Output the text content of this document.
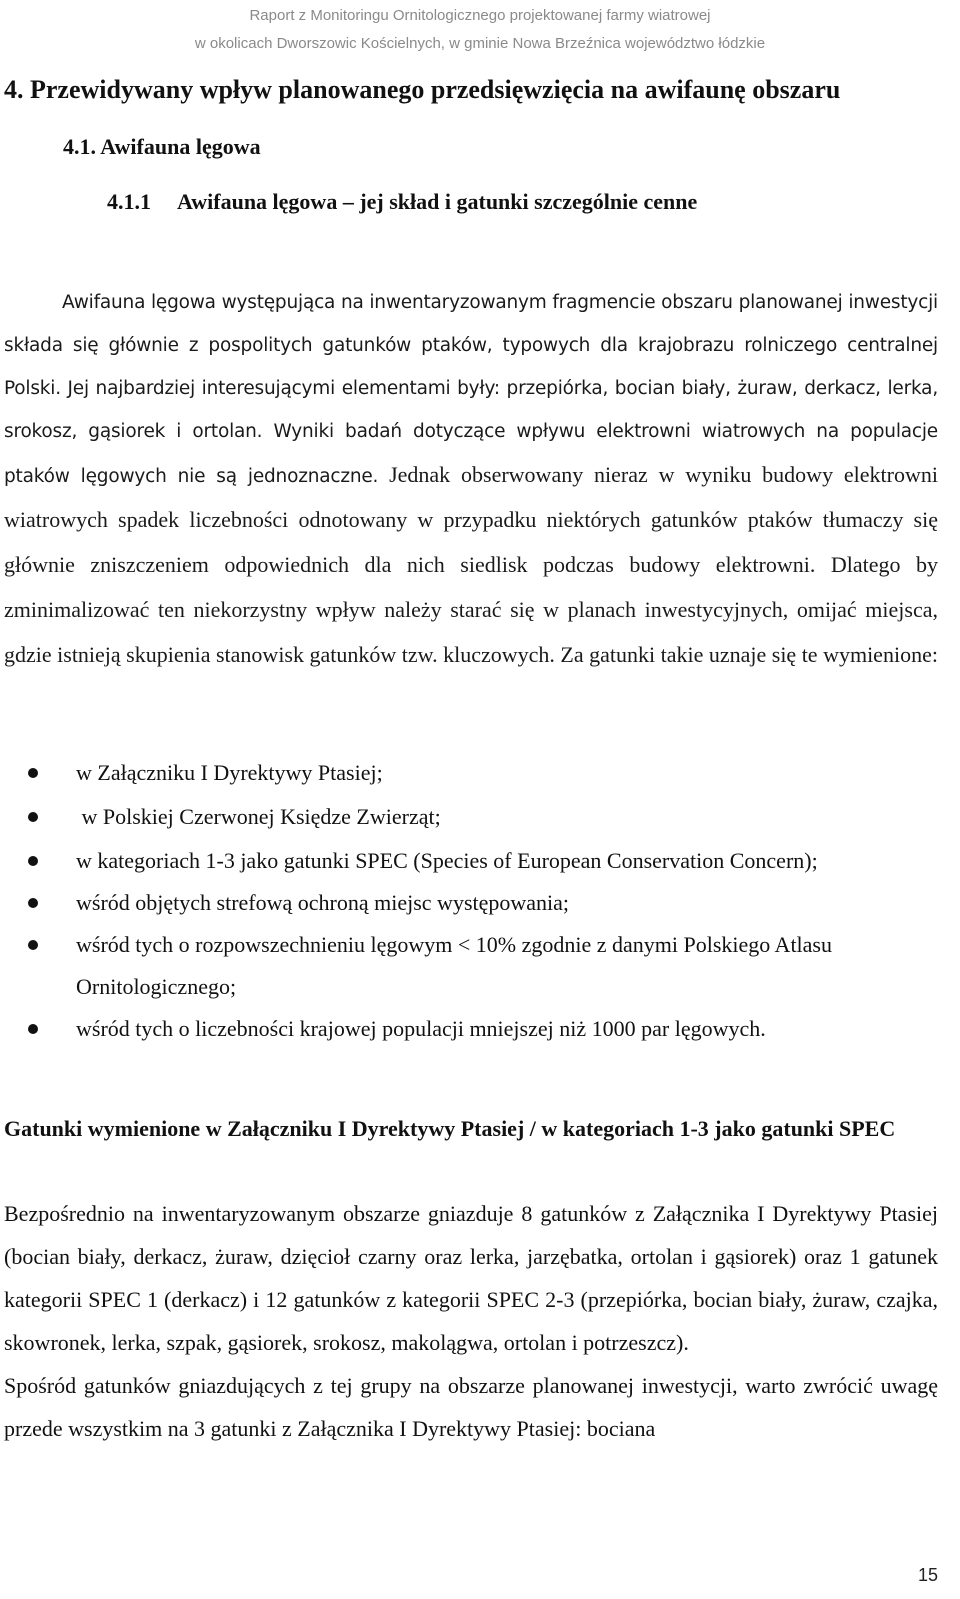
Raport z Monitoringu Ornitologicznego projektowanej farmy wiatrowej
w okolicach Dworszowic Kościelnych, w gminie Nowa Brzeźnica województwo łódzkie
4. Przewidywany wpływ planowanego przedsięwzięcia na awifaunę obszaru
4.1. Awifauna lęgowa
4.1.1 Awifauna lęgowa – jej skład i gatunki szczególnie cenne
Awifauna lęgowa występująca na inwentaryzowanym fragmencie obszaru planowanej inwestycji składa się głównie z pospolitych gatunków ptaków, typowych dla krajobrazu rolniczego centralnej Polski. Jej najbardziej interesującymi elementami były: przepiórka, bocian biały, żuraw, derkacz, lerka, srokosz, gąsiorek i ortolan. Wyniki badań dotyczące wpływu elektrowni wiatrowych na populacje ptaków lęgowych nie są jednoznaczne. Jednak obserwowany nieraz w wyniku budowy elektrowni wiatrowych spadek liczebności odnotowany w przypadku niektórych gatunków ptaków tłumaczy się głównie zniszczeniem odpowiednich dla nich siedlisk podczas budowy elektrowni. Dlatego by zminimalizować ten niekorzystny wpływ należy starać się w planach inwestycyjnych, omijać miejsca, gdzie istnieją skupienia stanowisk gatunków tzw. kluczowych. Za gatunki takie uznaje się te wymienione:
w Załączniku I Dyrektywy Ptasiej;
w Polskiej Czerwonej Księdze Zwierząt;
w kategoriach 1-3 jako gatunki SPEC (Species of European Conservation Concern);
wśród objętych strefową ochroną miejsc występowania;
wśród tych o rozpowszechnieniu lęgowym < 10% zgodnie z danymi Polskiego Atlasu Ornitologicznego;
wśród tych o liczebności krajowej populacji mniejszej niż 1000 par lęgowych.
Gatunki wymienione w Załączniku I Dyrektywy Ptasiej / w kategoriach 1-3 jako gatunki SPEC
Bezpośrednio na inwentaryzowanym obszarze gniazduje 8 gatunków z Załącznika I Dyrektywy Ptasiej (bocian biały, derkacz, żuraw, dzięcioł czarny oraz lerka, jarzębatka, ortolan i gąsiorek) oraz 1 gatunek kategorii SPEC 1 (derkacz) i 12 gatunków z kategorii SPEC 2-3 (przepiórka, bocian biały, żuraw, czajka, skowronek, lerka, szpak, gąsiorek, srokosz, makolągwa, ortolan i potrzeszcz).
Spośród gatunków gniazdujących z tej grupy na obszarze planowanej inwestycji, warto zwrócić uwagę przede wszystkim na 3 gatunki z Załącznika I Dyrektywy Ptasiej: bociana
15
